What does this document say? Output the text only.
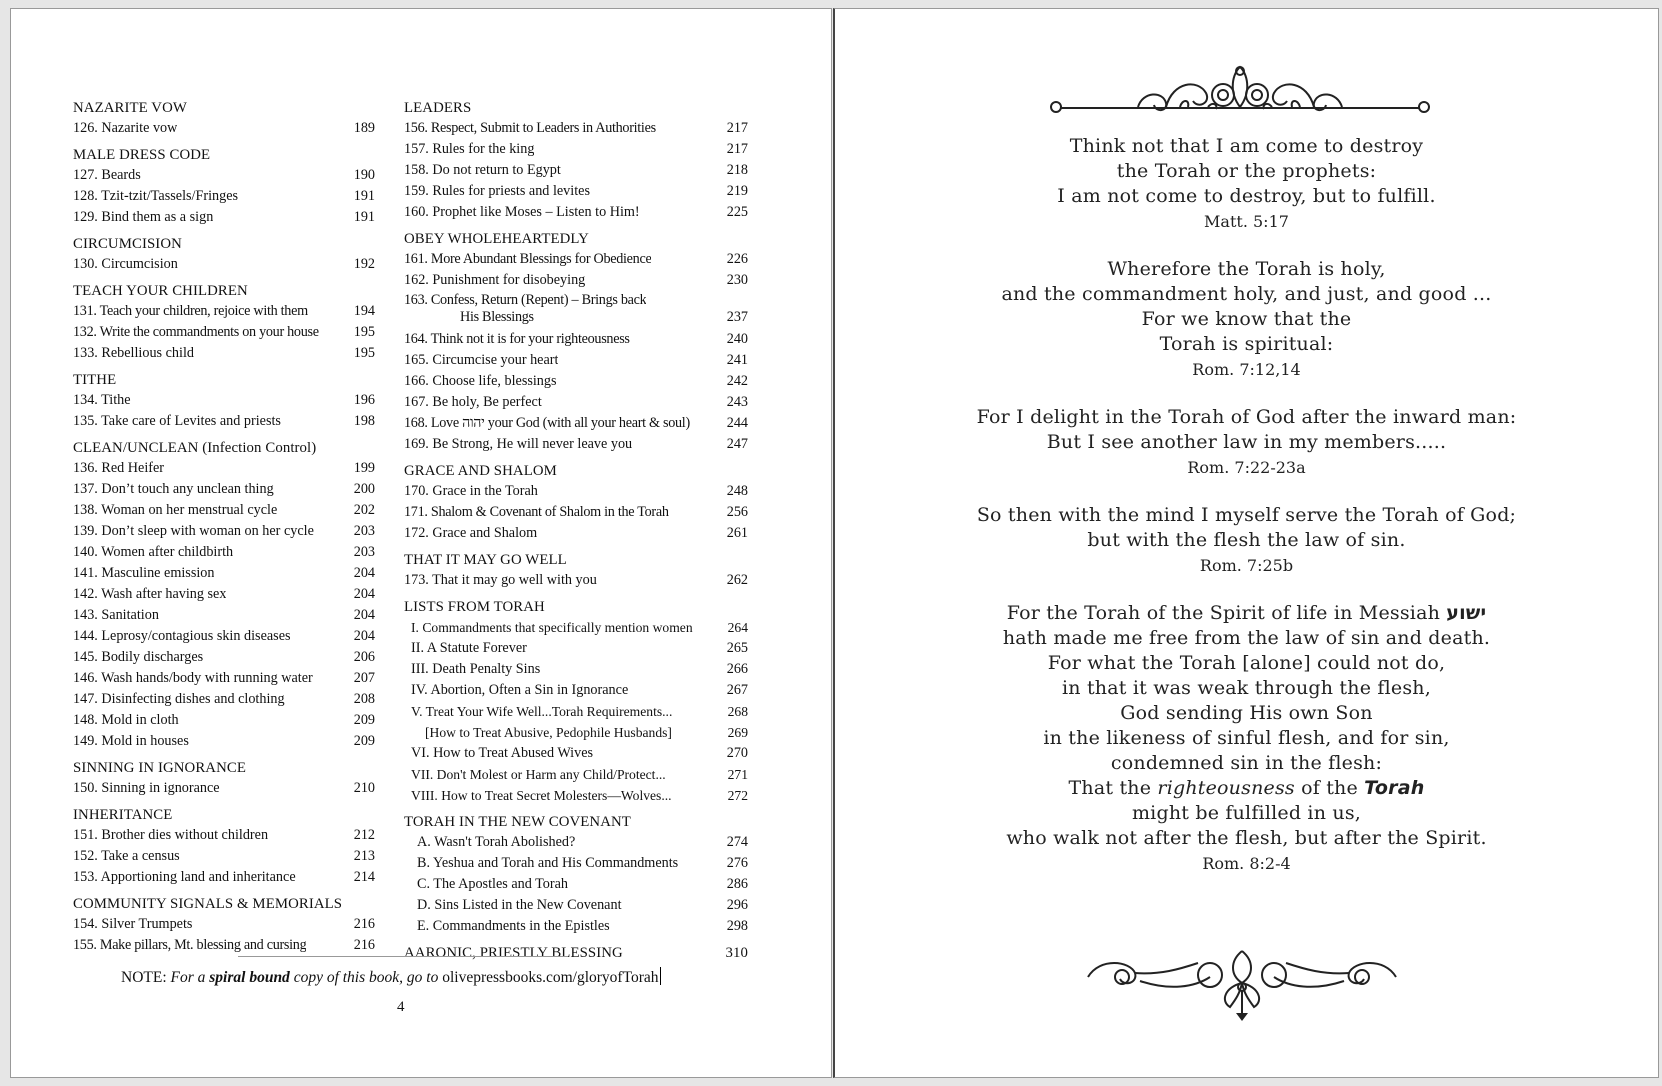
NAZARITE VOW
126. Nazarite vow	189
MALE DRESS CODE
127. Beards	190
128. Tzit-tzit/Tassels/Fringes	191
129. Bind them as a sign	191
CIRCUMCISION
130. Circumcision	192
TEACH YOUR CHILDREN
131. Teach your children, rejoice with them	194
132. Write the commandments on your house 195
133. Rebellious child	195
TITHE
134. Tithe	196
135. Take care of Levites and priests	198
CLEAN/UNCLEAN (Infection Control)
136. Red Heifer	199
137. Don’t touch any unclean thing	200
138. Woman on her menstrual cycle	202
139. Don’t sleep with woman on her cycle	203
140. Women after childbirth	203
141. Masculine emission	204
142. Wash after having sex	204
143. Sanitation	204
144. Leprosy/contagious skin diseases	204
145. Bodily discharges	206
146. Wash hands/body with running water	207
147. Disinfecting dishes and clothing	208
148. Mold in cloth	209
149. Mold in houses	209
SINNING IN IGNORANCE
150. Sinning in ignorance	210
INHERITANCE
151. Brother dies without children	212
152. Take a census	213
153. Apportioning land and inheritance	214
COMMUNITY SIGNALS & MEMORIALS
154. Silver Trumpets	216
155. Make pillars, Mt. blessing and cursing	216
LEADERS
156. Respect, Submit to Leaders in Authorities	217
157. Rules for the king	217
158. Do not return to Egypt	218
159. Rules for priests and levites	219
160. Prophet like Moses – Listen to Him!	225
OBEY WHOLEHEARTEDLY
161. More Abundant Blessings for Obedience	226
162. Punishment for disobeying	230
163. Confess, Return (Repent) – Brings back
His Blessings	237
164. Think not it is for your righteousness	240
165. Circumcise your heart	241
166. Choose life, blessings	242
167. Be holy, Be perfect	243
168. Love יהוה your God (with all your heart & soul)	244
169. Be Strong, He will never leave you	247
GRACE AND SHALOM
170. Grace in the Torah	248
171. Shalom & Covenant of Shalom in the Torah	256
172. Grace and Shalom	261
THAT IT MAY GO WELL
173. That it may go well with you	262
LISTS FROM TORAH
I. Commandments that specifically mention women	264
II. A Statute Forever	265
III. Death Penalty Sins	266
IV. Abortion, Often a Sin in Ignorance	267
V. Treat Your Wife Well...Torah Requirements...	268
[How to Treat Abusive, Pedophile Husbands]	269
VI. How to Treat Abused Wives	270
VII. Don't Molest or Harm any Child/Protect...	271
VIII. How to Treat Secret Molesters—Wolves...	272
TORAH IN THE NEW COVENANT
A. Wasn't Torah Abolished?	274
B. Yeshua and Torah and His Commandments	276
C. The Apostles and Torah	286
D. Sins Listed in the New Covenant	296
E. Commandments in the Epistles	298
AARONIC, PRIESTLY BLESSING	310
NOTE: For a spiral bound copy of this book, go to olivepressbooks.com/gloryofTorah
4
Think not that I am come to destroy
the Torah or the prophets:
I am not come to destroy, but to fulfill.
Matt. 5:17
Wherefore the Torah is holy,
and the commandment holy, and just, and good ...
For we know that the
Torah is spiritual:
Rom. 7:12,14
For I delight in the Torah of God after the inward man:
But I see another law in my members.....
Rom. 7:22-23a
So then with the mind I myself serve the Torah of God;
but with the flesh the law of sin.
Rom. 7:25b
For the Torah of the Spirit of life in Messiah ישוע
hath made me free from the law of sin and death.
For what the Torah [alone] could not do,
in that it was weak through the flesh,
God sending His own Son
in the likeness of sinful flesh, and for sin,
condemned sin in the flesh:
That the righteousness of the Torah
might be fulfilled in us,
who walk not after the flesh, but after the Spirit.
Rom. 8:2-4
